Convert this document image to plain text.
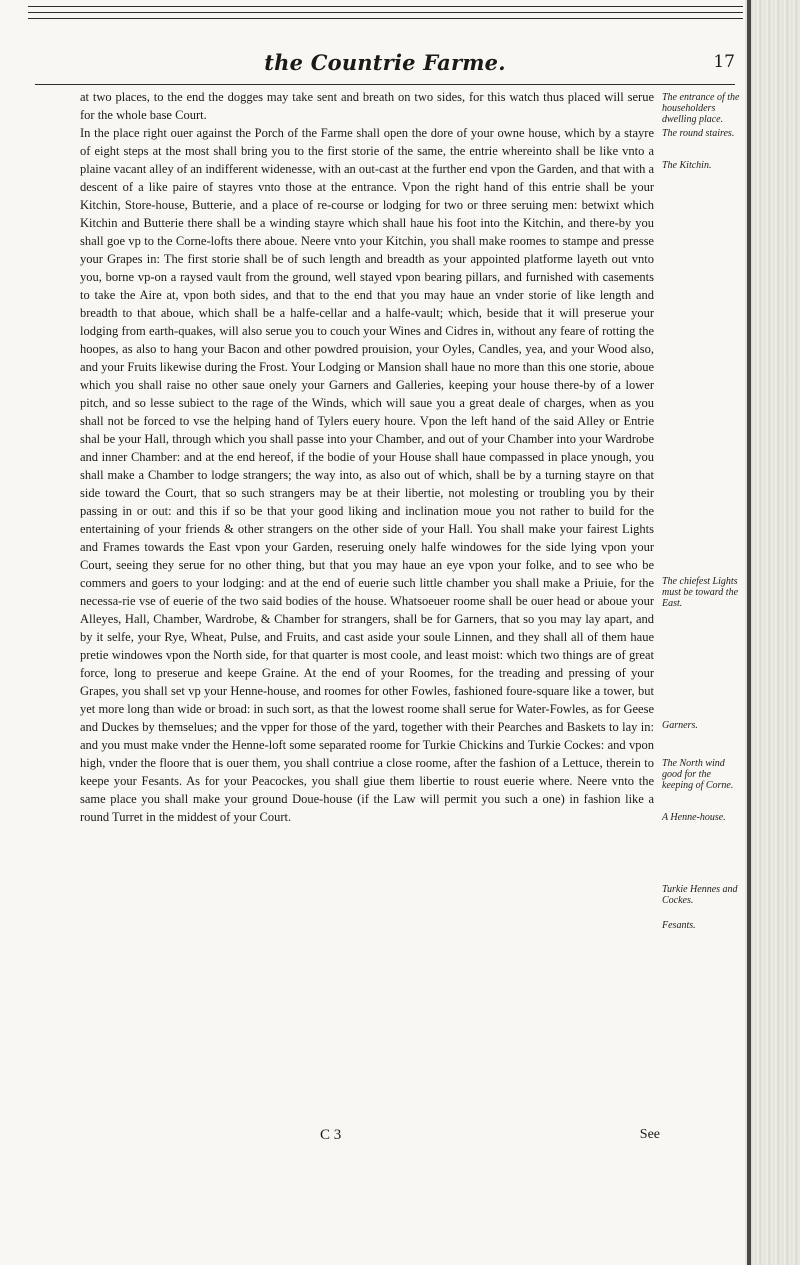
the Countrie Farme.	17

at two places, to the end the dogges may take sent and breath on two sides, for this watch thus placed will serue for the whole base Court.

In the place right ouer against the Porch of the Farme shall open the dore of your owne house, which by a stayre of eight steps at the most shall bring you to the first storie of the same, the entrie whereinto shall be like vnto a plaine vacant alley of an indifferent widenesse, with an out-cast at the further end vpon the Garden, and that with a descent of a like paire of stayres vnto those at the entrance. Vpon the right hand of this entrie shall be your Kitchin, Store-house, Butterie, and a place of re-course or lodging for two or three seruing men: betwixt which Kitchin and Butterie there shall be a winding stayre which shall haue his foot into the Kitchin, and there-by you shall goe vp to the Corne-lofts there aboue. Neere vnto your Kitchin, you shall make roomes to stampe and presse your Grapes in: The first storie shall be of such length and breadth as your appointed platforme layeth out vnto you, borne vp-on a raysed vault from the ground, well stayed vpon bearing pillars, and furnished with casements to take the Aire at, vpon both sides, and that to the end that you may haue an vnder storie of like length and breadth to that aboue, which shall be a halfe-cellar and a halfe-vault; which, beside that it will preserue your lodging from earth-quakes, will also serue you to couch your Wines and Cidres in, without any feare of rotting the hoopes, as also to hang your Bacon and other powdred prouision, your Oyles, Candles, yea, and your Wood also, and your Fruits likewise during the Frost. Your Lodging or Mansion shall haue no more than this one storie, aboue which you shall raise no other saue onely your Garners and Galleries, keeping your house there-by of a lower pitch, and so lesse subiect to the rage of the Winds, which will saue you a great deale of charges, when as you shall not be forced to vse the helping hand of Tylers euery houre. Vpon the left hand of the said Alley or Entrie shal be your Hall, through which you shall passe into your Chamber, and out of your Chamber into your Wardrobe and inner Chamber: and at the end hereof, if the bodie of your House shall haue compassed in place ynough, you shall make a Chamber to lodge strangers; the way into, as also out of which, shall be by a turning stayre on that side toward the Court, that so such strangers may be at their libertie, not molesting or troubling you by their passing in or out: and this if so be that your good liking and inclination moue you not rather to build for the entertaining of your friends & other strangers on the other side of your Hall. You shall make your fairest Lights and Frames towards the East vpon your Garden, reseruing onely halfe windowes for the side lying vpon your Court, seeing they serue for no other thing, but that you may haue an eye vpon your folke, and to see who be commers and goers to your lodging: and at the end of euerie such little chamber you shall make a Priuie, for the necessa-rie vse of euerie of the two said bodies of the house. Whatsoeuer roome shall be ouer head or aboue your Alleyes, Hall, Chamber, Wardrobe, & Chamber for strangers, shall be for Garners, that so you may lay apart, and by it selfe, your Rye, Wheat, Pulse, and Fruits, and cast aside your soule Linnen, and they shall all of them haue pretie windowes vpon the North side, for that quarter is most coole, and least moist: which two things are of great force, long to preserue and keepe Graine. At the end of your Roomes, for the treading and pressing of your Grapes, you shall set vp your Henne-house, and roomes for other Fowles, fashioned foure-square like a tower, but yet more long than wide or broad: in such sort, as that the lowest roome shall serue for Water-Fowles, as for Geese and Duckes by themselues; and the vpper for those of the yard, together with their Pearches and Baskets to lay in: and you must make vnder the Henne-loft some separated roome for Turkie Chickins and Turkie Cockes: and vpon high, vnder the floore that is ouer them, you shall contriue a close roome, after the fashion of a Lettuce, therein to keepe your Fesants. As for your Peacockes, you shall giue them libertie to roust euerie where. Neere vnto the same place you shall make your ground Doue-house (if the Law will permit you such a one) in fashion like a round Turret in the middest of your Court.

The entrance of the householders dwelling place.
The round staires.
The Kitchin.
The chiefest Lights must be toward the East.
Garners.
The North wind good for the keeping of Corne.
A Henne-house.
Turkie Hennes and Cockes.
Fesants.
C 3	See
